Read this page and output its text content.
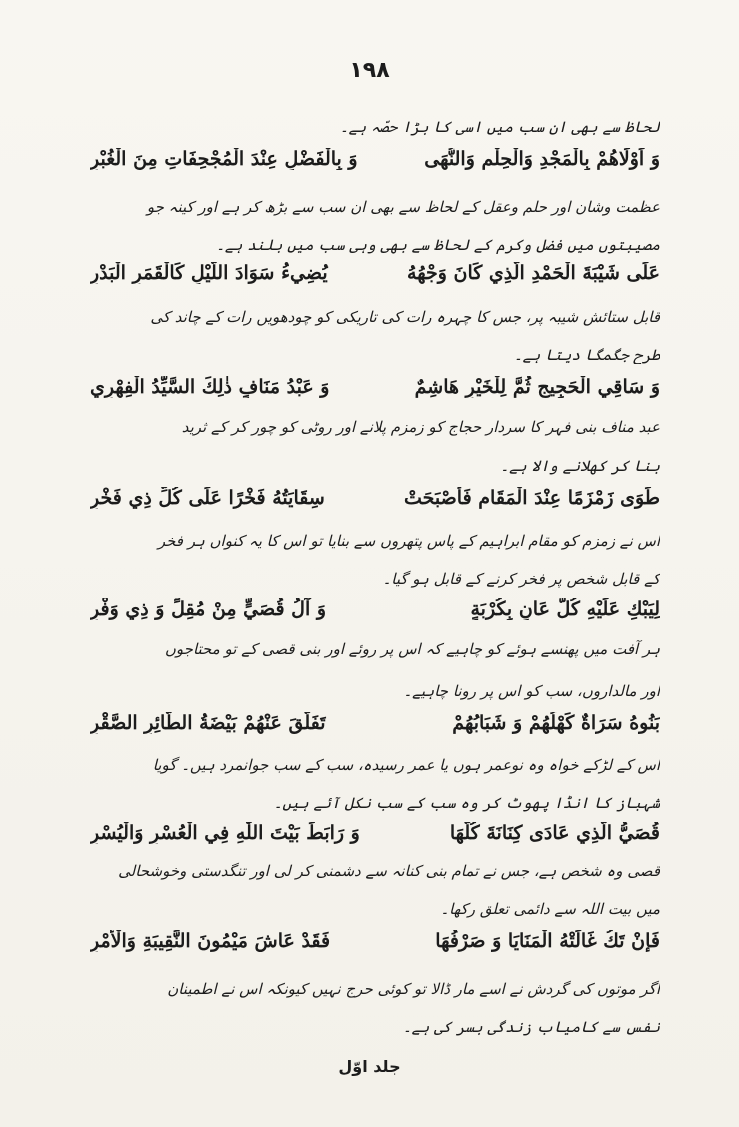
۱۹۸
لحاظ سے بھی ان سب میں اسی کا بڑا حصّہ ہے۔
وَ اَوْلَاهُمْ بِالْمَجْدِ وَالْحِلْمِ وَالنُّهَى
وَ بِالْفَضْلِ عِنْدَ الْمُجْحِفَاتِ مِنَ الْغُبْرِ
عظمت وشان اور حلم وعقل کے لحاظ سے بھی ان سب سے بڑھ کر ہے اور کینہ جو
مصیبتوں میں فضل وکرم کے لحاظ سے بھی وہی سب میں بلند ہے۔
عَلَى شَيْبَةَ الْحَمْدِ الَّذِي كَانَ وَجْهُهُ
يُضِيءُ سَوَادَ اللَّيْلِ كَالْقَمَرِ الْبَدْرِ
قابل ستائش شیبہ پر، جس کا چہرہ رات کی تاریکی کو چودھویں رات کے چاند کی
طرح جگمگا دیتا ہے۔
وَ سَاقِي الْحَجِيجِ ثُمَّ لِلْخَيْرِ هَاشِمٌ
وَ عَبْدُ مَنَافٍ ذٰلِكَ السَّيِّدُ الْفِهْرِي
عبد مناف بنی فہر کا سردار حجاج کو زمزم پلانے اور روٹی کو چور کر کے ثرید
بنا کر کھلانے والا ہے۔
طَوَى زَمْزَمًا عِنْدَ الْمَقَامِ فَأَصْبَحَتْ
سِقَايَتُهُ فَخْرًا عَلَى كُلِّ ذِي فَخْرِ
اس نے زمزم کو مقام ابراہیم کے پاس پتھروں سے بنایا تو اس کا یہ کنواں ہر فخر
کے قابل شخص پر فخر کرنے کے قابل ہو گیا۔
لِيَبْكِ عَلَيْهِ كُلُّ عَانٍ بِكُرْبَةٍ
وَ آلُ قُصَيٍّ مِنْ مُقِلٍّ وَ ذِي وَفْرِ
ہر آفت میں پھنسے ہوئے کو چاہیے کہ اس پر روئے اور بنی قصی کے تو محتاجوں
اور مالداروں، سب کو اس پر رونا چاہیے۔
بَنُوهُ سَرَاةٌ كَهْلُهُمْ وَ شَبَابُهُمْ
تَفَلَّقَ عَنْهُمْ بَيْضَةُ الطَّائِرِ الصَّقْرِ
اس کے لڑکے خواہ وہ نوعمر ہوں یا عمر رسیدہ، سب کے سب جوانمرد ہیں۔ گویا
شہباز کا انڈا پھوٹ کر وہ سب کے سب نکل آئے ہیں۔
قُصَيُّ الَّذِي عَادَى كِنَانَةَ كُلَّهَا
وَ رَابَطَ بَيْتَ اللّٰهِ فِي الْعُسْرِ وَالْيُسْرِ
قصی وہ شخص ہے، جس نے تمام بنی کنانہ سے دشمنی کر لی اور تنگدستی وخوشحالی
میں بیت اللہ سے دائمی تعلق رکھا۔
فَإِنْ تَكُ غَالَتْهُ الْمَنَايَا وَ صَرْفُهَا
فَقَدْ عَاشَ مَيْمُونَ النَّقِيبَةِ وَالْأَمْرِ
اگر موتوں کی گردش نے اسے مار ڈالا تو کوئی حرج نہیں کیونکہ اس نے اطمینان
نفس سے کامیاب زندگی بسر کی ہے۔
جلد اوّل
